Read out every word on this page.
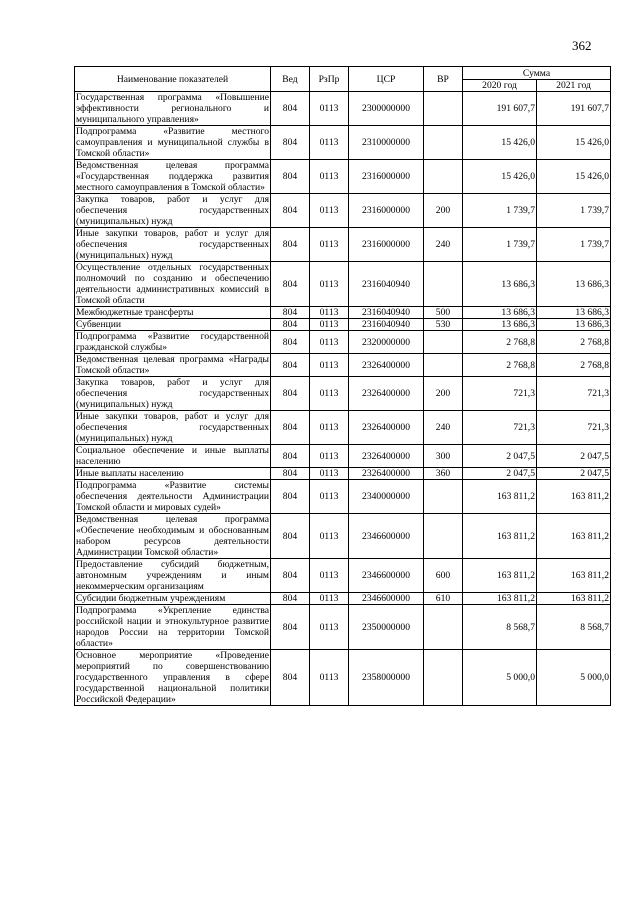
362
Наименование показателей	Вед	РзПр	ЦСР	ВР	Сумма	
					2020 год	2021 год
Государственная программа «Повышение эффективности регионального и муниципального управления»	804	0113	2300000000		191 607,7	191 607,7
Подпрограмма «Развитие местного самоуправления и муниципальной службы в Томской области»	804	0113	2310000000		15 426,0	15 426,0
Ведомственная целевая программа «Государственная поддержка развития местного самоуправления в Томской области»	804	0113	2316000000		15 426,0	15 426,0
Закупка товаров, работ и услуг для обеспечения государственных (муниципальных) нужд	804	0113	2316000000	200	1 739,7	1 739,7
Иные закупки товаров, работ и услуг для обеспечения государственных (муниципальных) нужд	804	0113	2316000000	240	1 739,7	1 739,7
Осуществление отдельных государственных полномочий по созданию и обеспечению деятельности административных комиссий в Томской области	804	0113	2316040940		13 686,3	13 686,3
Межбюджетные трансферты	804	0113	2316040940	500	13 686,3	13 686,3
Субвенции	804	0113	2316040940	530	13 686,3	13 686,3
Подпрограмма «Развитие государственной гражданской службы»	804	0113	2320000000		2 768,8	2 768,8
Ведомственная целевая программа «Награды Томской области»	804	0113	2326400000		2 768,8	2 768,8
Закупка товаров, работ и услуг для обеспечения государственных (муниципальных) нужд	804	0113	2326400000	200	721,3	721,3
Иные закупки товаров, работ и услуг для обеспечения государственных (муниципальных) нужд	804	0113	2326400000	240	721,3	721,3
Социальное обеспечение и иные выплаты населению	804	0113	2326400000	300	2 047,5	2 047,5
Иные выплаты населению	804	0113	2326400000	360	2 047,5	2 047,5
Подпрограмма «Развитие системы обеспечения деятельности Администрации Томской области и мировых судей»	804	0113	2340000000		163 811,2	163 811,2
Ведомственная целевая программа «Обеспечение необходимым и обоснованным набором ресурсов деятельности Администрации Томской области»	804	0113	2346600000		163 811,2	163 811,2
Предоставление субсидий бюджетным, автономным учреждениям и иным некоммерческим организациям	804	0113	2346600000	600	163 811,2	163 811,2
Субсидии бюджетным учреждениям	804	0113	2346600000	610	163 811,2	163 811,2
Подпрограмма «Укрепление единства российской нации и этнокультурное развитие народов России на территории Томской области»	804	0113	2350000000		8 568,7	8 568,7
Основное мероприятие «Проведение мероприятий по совершенствованию государственного управления в сфере государственной национальной политики Российской Федерации»	804	0113	2358000000		5 000,0	5 000,0
